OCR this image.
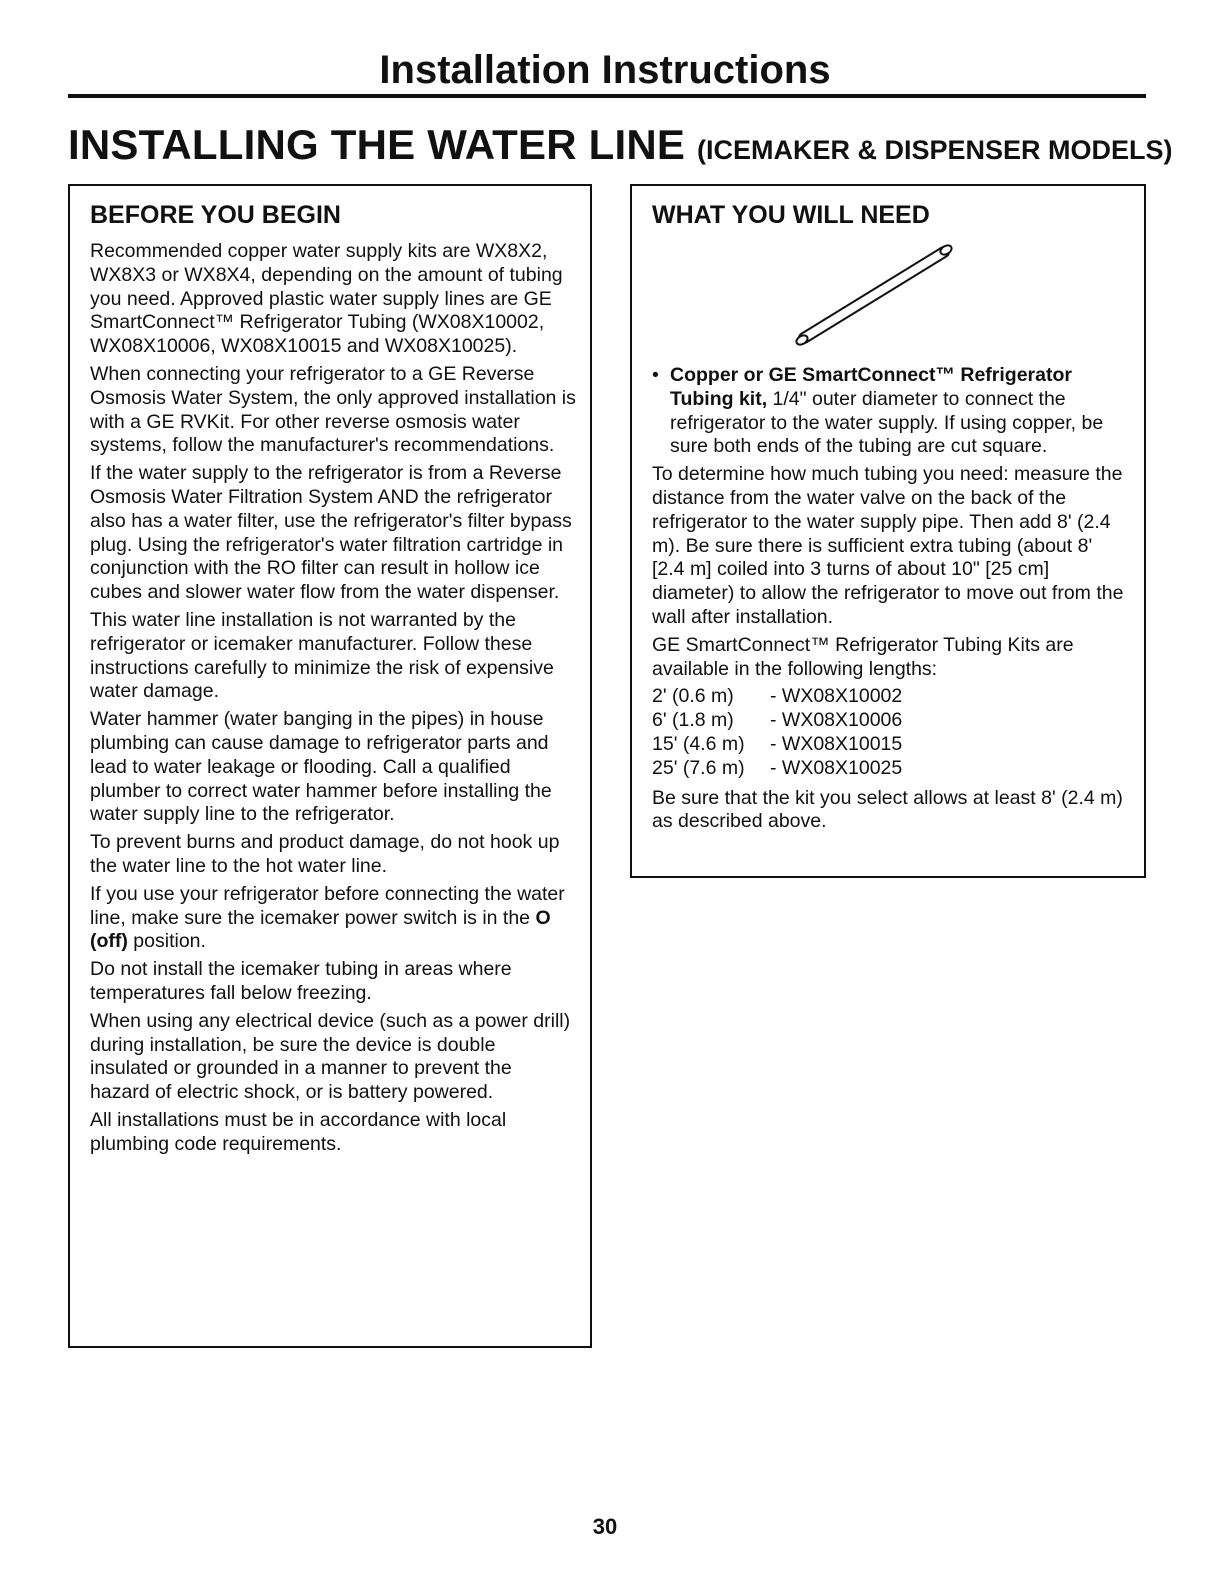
Installation Instructions
INSTALLING THE WATER LINE (ICEMAKER & DISPENSER MODELS)
BEFORE YOU BEGIN

Recommended copper water supply kits are WX8X2, WX8X3 or WX8X4, depending on the amount of tubing you need. Approved plastic water supply lines are GE SmartConnect™ Refrigerator Tubing (WX08X10002, WX08X10006, WX08X10015 and WX08X10025).

When connecting your refrigerator to a GE Reverse Osmosis Water System, the only approved installation is with a GE RVKit. For other reverse osmosis water systems, follow the manufacturer's recommendations.

If the water supply to the refrigerator is from a Reverse Osmosis Water Filtration System AND the refrigerator also has a water filter, use the refrigerator's filter bypass plug. Using the refrigerator's water filtration cartridge in conjunction with the RO filter can result in hollow ice cubes and slower water flow from the water dispenser.

This water line installation is not warranted by the refrigerator or icemaker manufacturer. Follow these instructions carefully to minimize the risk of expensive water damage.

Water hammer (water banging in the pipes) in house plumbing can cause damage to refrigerator parts and lead to water leakage or flooding. Call a qualified plumber to correct water hammer before installing the water supply line to the refrigerator.

To prevent burns and product damage, do not hook up the water line to the hot water line.

If you use your refrigerator before connecting the water line, make sure the icemaker power switch is in the O (off) position.

Do not install the icemaker tubing in areas where temperatures fall below freezing.

When using any electrical device (such as a power drill) during installation, be sure the device is double insulated or grounded in a manner to prevent the hazard of electric shock, or is battery powered.

All installations must be in accordance with local plumbing code requirements.

WHAT YOU WILL NEED
• Copper or GE SmartConnect™ Refrigerator Tubing kit, 1/4" outer diameter to connect the refrigerator to the water supply. If using copper, be sure both ends of the tubing are cut square.

To determine how much tubing you need: measure the distance from the water valve on the back of the refrigerator to the water supply pipe. Then add 8' (2.4 m). Be sure there is sufficient extra tubing (about 8' [2.4 m] coiled into 3 turns of about 10" [25 cm] diameter) to allow the refrigerator to move out from the wall after installation.

GE SmartConnect™ Refrigerator Tubing Kits are available in the following lengths:

2' (0.6 m)	- WX08X10002
6' (1.8 m)	- WX08X10006
15' (4.6 m)	- WX08X10015
25' (7.6 m)	- WX08X10025

Be sure that the kit you select allows at least 8' (2.4 m) as described above.

30
